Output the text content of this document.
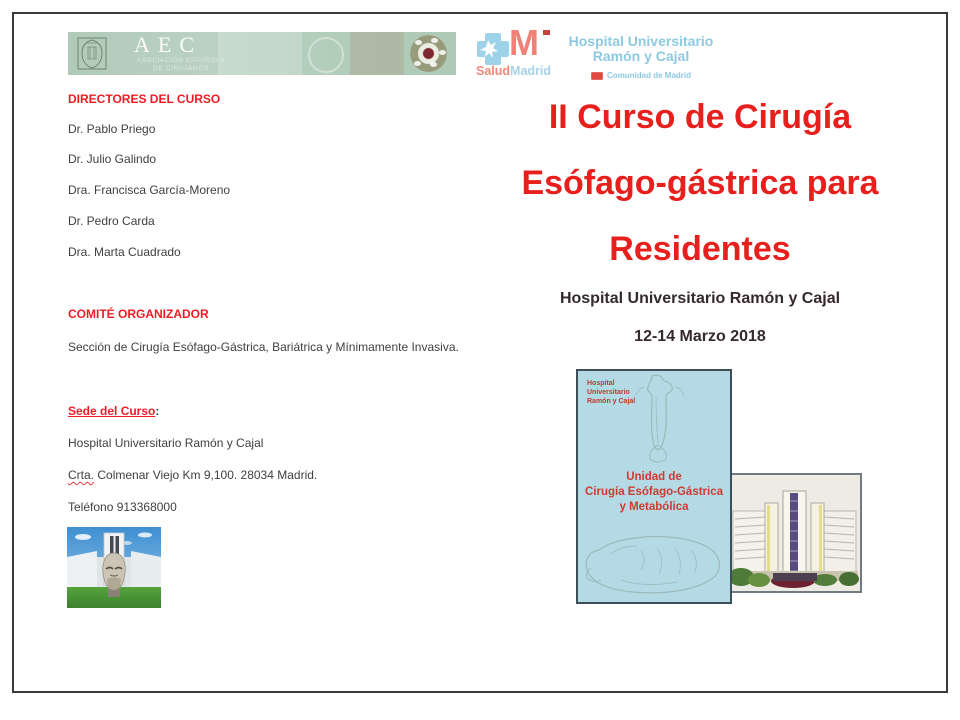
AEC
ASOCIACIÓN ESPAÑOLA
DE CIRUJANOS
M
SaludMadrid
Hospital Universitario
Ramón y Cajal
Comunidad de Madrid
DIRECTORES DEL CURSO
Dr. Pablo Priego
Dr. Julio Galindo
Dra. Francisca García-Moreno
Dr. Pedro Carda
Dra. Marta Cuadrado
COMITÉ ORGANIZADOR
Sección de Cirugía Esófago-Gástrica, Bariátrica y Mínimamente Invasiva.
Sede del Curso:
Hospital Universitario Ramón y Cajal
Crta. Colmenar Viejo Km 9,100. 28034 Madrid.
Teléfono 913368000
II Curso de Cirugía
Esófago-gástrica para
Residentes
Hospital Universitario Ramón y Cajal
12-14 Marzo 2018
Hospital
Universitario
Ramón y Cajal
Unidad de
Cirugía Esófago-Gástrica
y Metabólica
